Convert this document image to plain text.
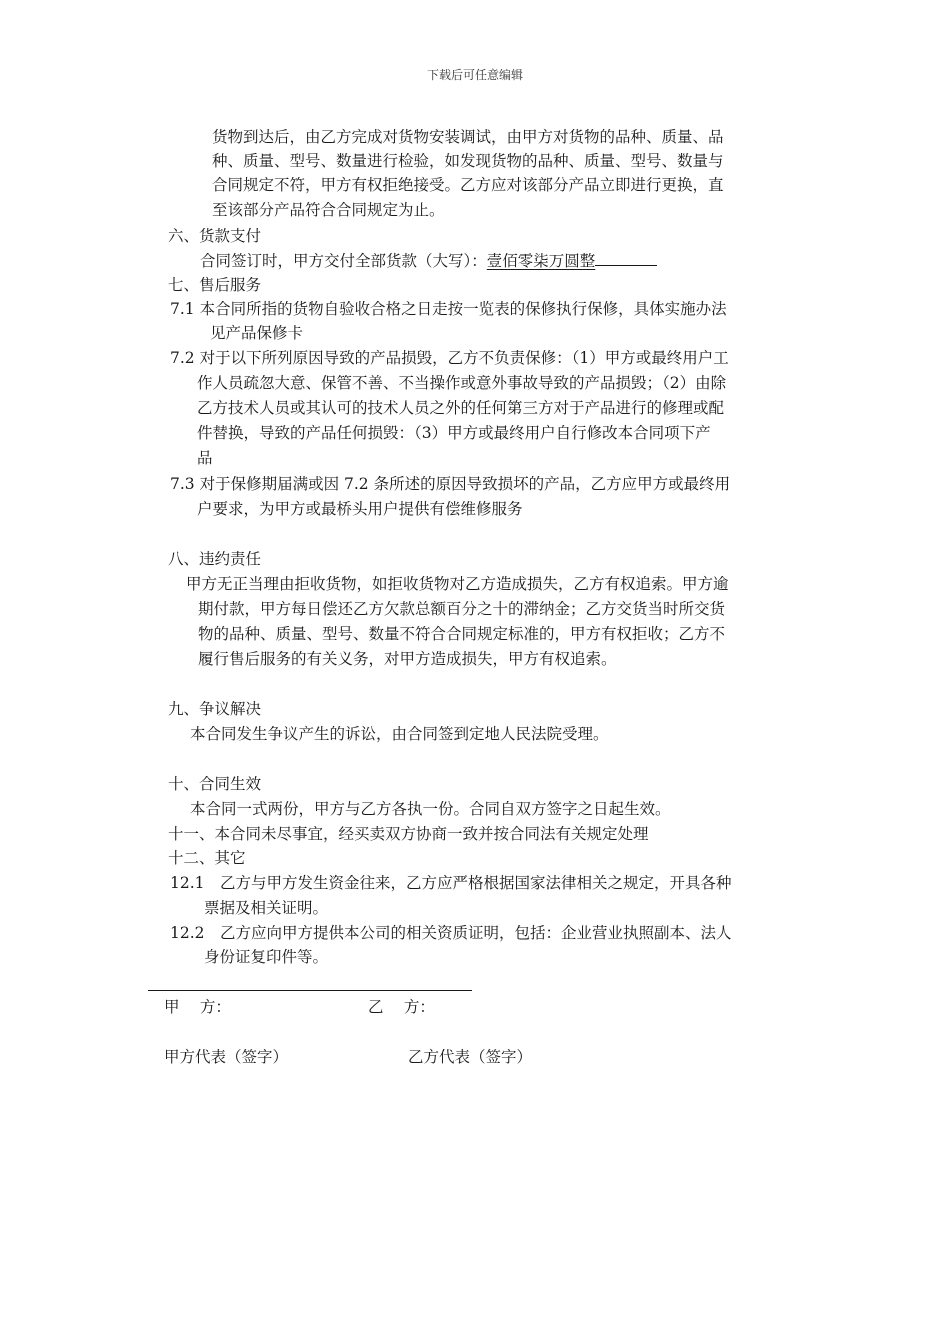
下载后可任意编辑
货物到达后，由乙方完成对货物安装调试，由甲方对货物的品种、质量、品
种、质量、型号、数量进行检验，如发现货物的品种、质量、型号、数量与
合同规定不符，甲方有权拒绝接受。乙方应对该部分产品立即进行更换，直
至该部分产品符合合同规定为止。
六、货款支付
合同签订时，甲方交付全部货款（大写）：壹佰零柒万圆整
七、售后服务
7.1 本合同所指的货物自验收合格之日走按一览表的保修执行保修，具体实施办法
见产品保修卡
7.2 对于以下所列原因导致的产品损毁，乙方不负责保修：（1）甲方或最终用户工
作人员疏忽大意、保管不善、不当操作或意外事故导致的产品损毁；（2）由除
乙方技术人员或其认可的技术人员之外的任何第三方对于产品进行的修理或配
件替换，导致的产品任何损毁：（3）甲方或最终用户自行修改本合同项下产
品
7.3 对于保修期届满或因 7.2 条所述的原因导致损坏的产品，乙方应甲方或最终用
户要求，为甲方或最桥头用户提供有偿维修服务
八、违约责任
甲方无正当理由拒收货物，如拒收货物对乙方造成损失，乙方有权追索。甲方逾
期付款，甲方每日偿还乙方欠款总额百分之十的滞纳金；乙方交货当时所交货
物的品种、质量、型号、数量不符合合同规定标准的，甲方有权拒收；乙方不
履行售后服务的有关义务，对甲方造成损失，甲方有权追索。
九、争议解决
本合同发生争议产生的诉讼，由合同签到定地人民法院受理。
十、合同生效
本合同一式两份，甲方与乙方各执一份。合同自双方签字之日起生效。
十一、本合同未尽事宜，经买卖双方协商一致并按合同法有关规定处理
十二、其它
12.1　乙方与甲方发生资金往来，乙方应严格根据国家法律相关之规定，开具各种
票据及相关证明。
12.2　乙方应向甲方提供本公司的相关资质证明，包括：企业营业执照副本、法人
身份证复印件等。
甲　 方：	乙　 方：
甲方代表（签字）	乙方代表（签字）
